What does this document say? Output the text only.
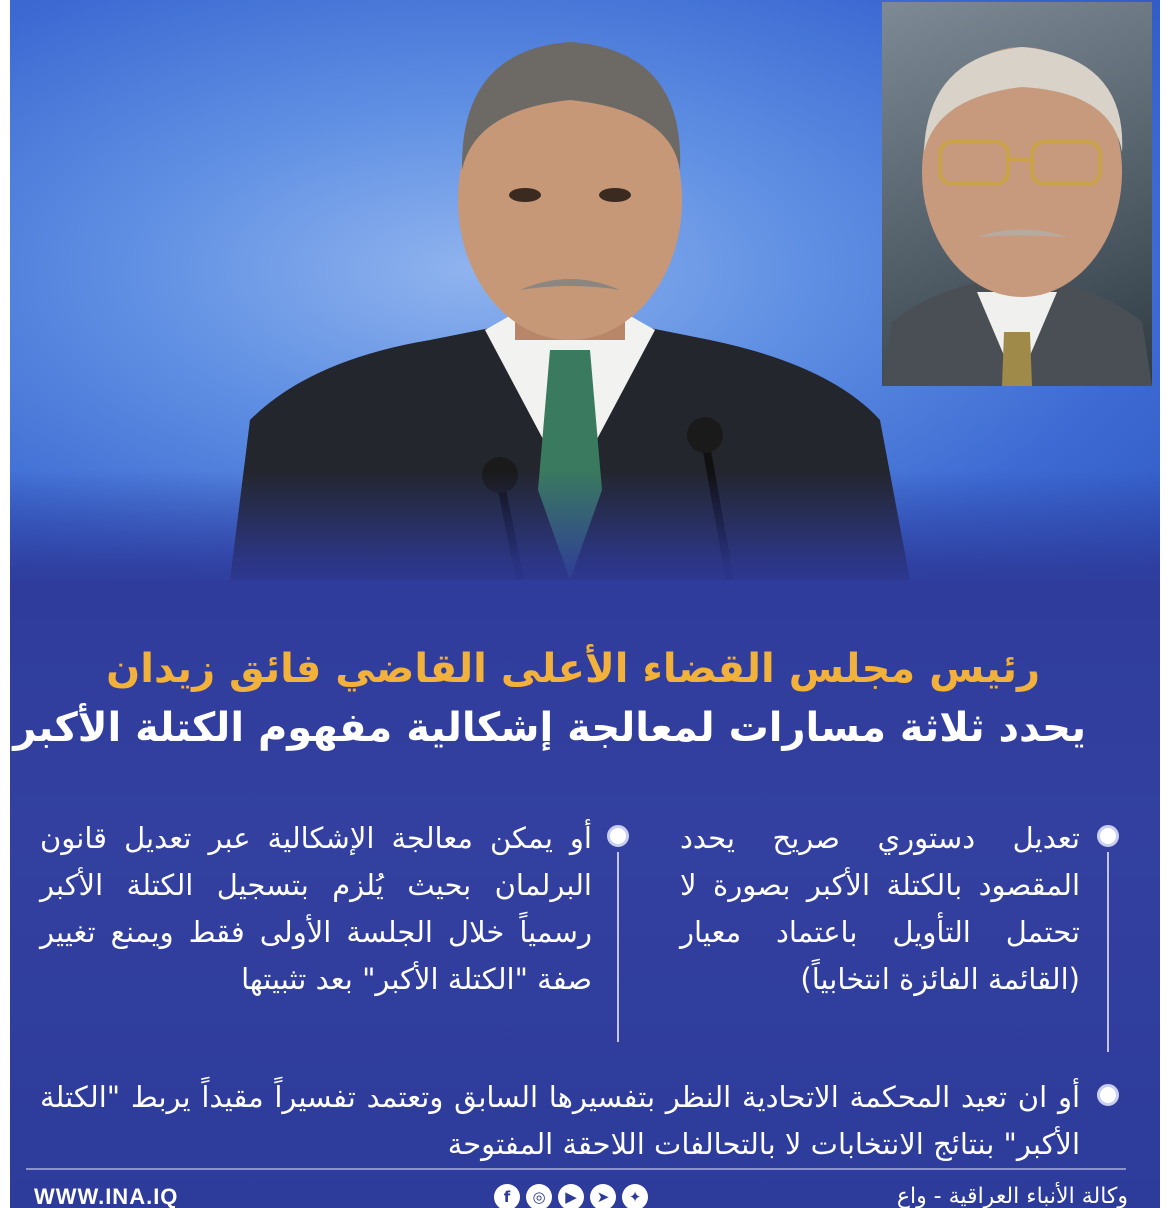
رئيس مجلس القضاء الأعلى القاضي فائق زيدان
يحدد ثلاثة مسارات لمعالجة إشكالية مفهوم الكتلة الأكبر
تعديل دستوري صريح يحدد المقصود بالكتلة الأكبر بصورة لا تحتمل التأويل باعتماد معيار (القائمة الفائزة انتخابياً)
أو يمكن معالجة الإشكالية عبر تعديل قانون البرلمان بحيث يُلزم بتسجيل الكتلة الأكبر رسمياً خلال الجلسة الأولى فقط ويمنع تغيير صفة "الكتلة الأكبر" بعد تثبيتها
أو ان تعيد المحكمة الاتحادية النظر بتفسيرها السابق وتعتمد تفسيراً مقيداً يربط "الكتلة الأكبر" بنتائج الانتخابات لا بالتحالفات اللاحقة المفتوحة
WWW.INA.IQ	f	◎	▶	➤	✦	وكالة الأنباء العراقية - واع
